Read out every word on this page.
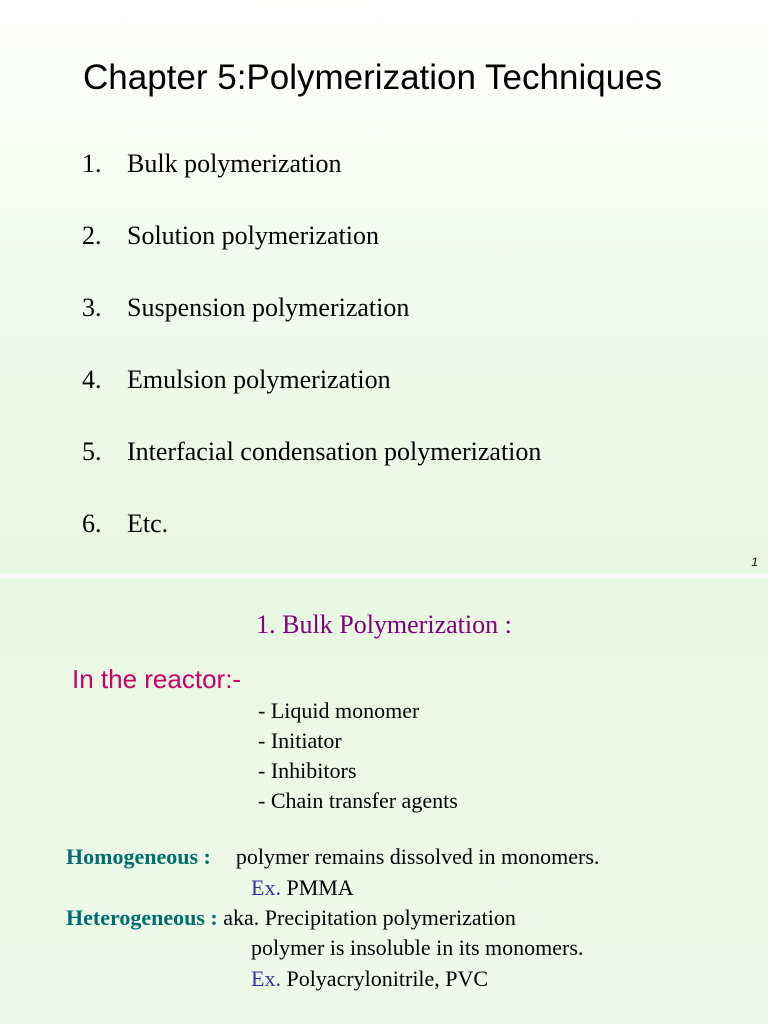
Chapter 5:Polymerization Techniques
1. Bulk polymerization
2. Solution polymerization
3. Suspension polymerization
4. Emulsion polymerization
5. Interfacial condensation polymerization
6. Etc.
1
1. Bulk Polymerization :
In the reactor:-
- Liquid monomer
- Initiator
- Inhibitors
- Chain transfer agents
Homogeneous : polymer remains dissolved in monomers.
Ex. PMMA
Heterogeneous : aka. Precipitation polymerization
polymer is insoluble in its monomers.
Ex. Polyacrylonitrile, PVC
